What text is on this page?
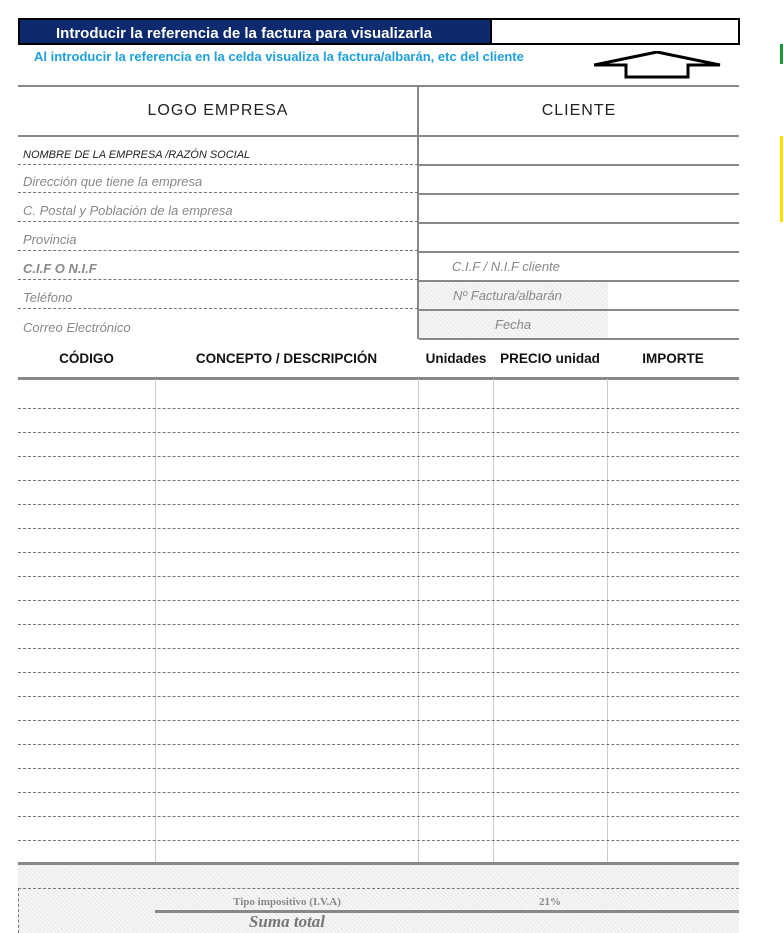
Introducir la referencia de la factura para visualizarla
Al introducir la referencia en la celda visualiza la factura/albarán, etc del cliente
LOGO EMPRESA	CLIENTE
NOMBRE DE LA EMPRESA /RAZÓN SOCIAL
Dirección que tiene la empresa
C. Postal y Población de la empresa
Provincia
C.I.F O N.I.F
Teléfono
Correo Electrónico
C.I.F / N.I.F cliente
Nº Factura/albarán
Fecha
CÓDIGO	CONCEPTO / DESCRIPCIÓN	Unidades	PRECIO unidad	IMPORTE
Tipo impositivo (I.V.A)	21%
Suma total
